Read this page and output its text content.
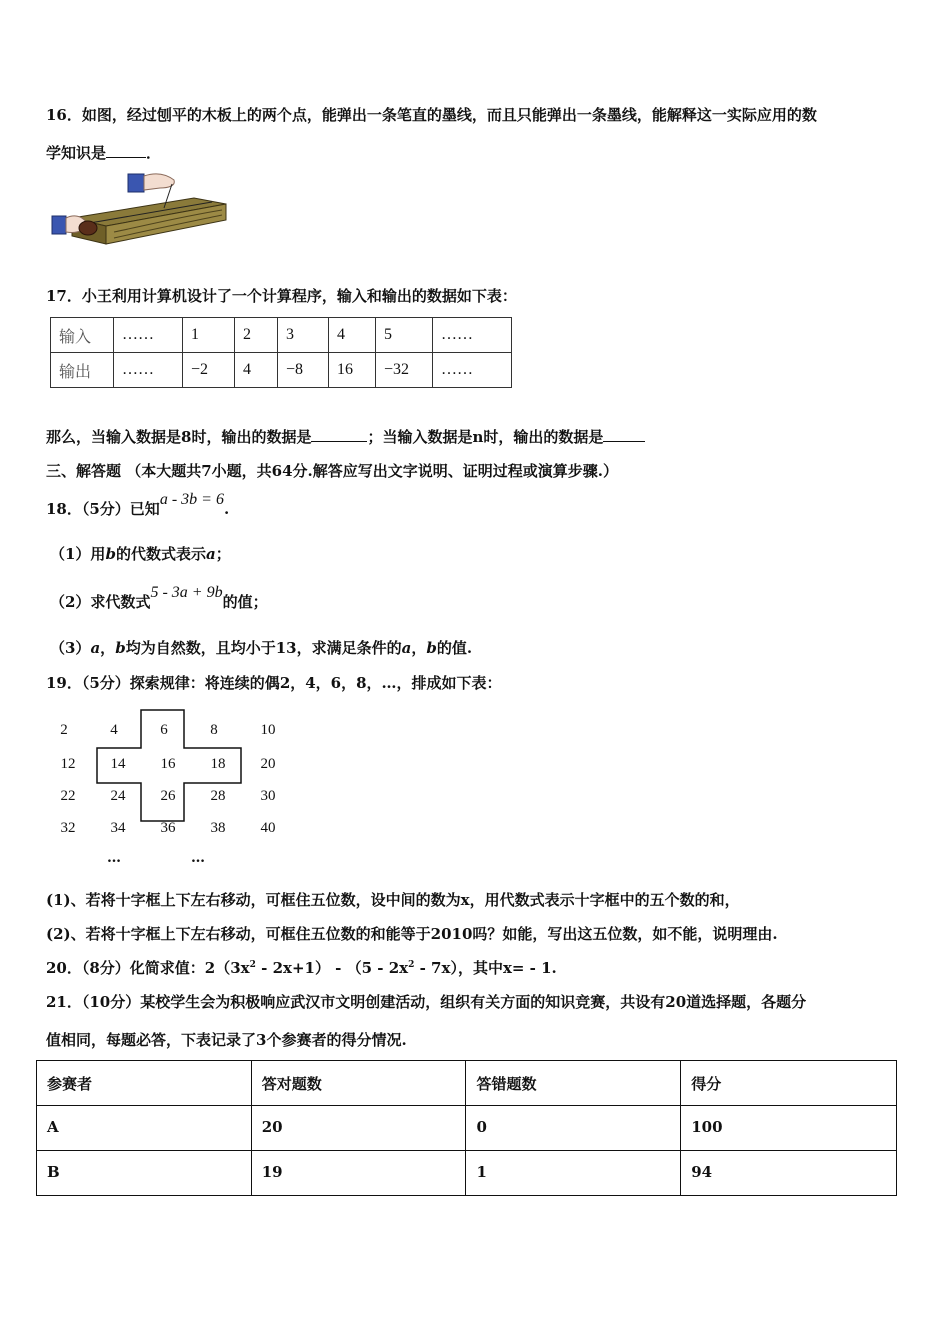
16．如图，经过刨平的木板上的两个点，能弹出一条笔直的墨线，而且只能弹出一条墨线，能解释这一实际应用的数
学知识是	．
17．小王利用计算机设计了一个计算程序，输入和输出的数据如下表：
输入	……	1	2	3	4	5	……
输出	……	−2	4	−8	16	−32	……
那么，当输入数据是8时，输出的数据是	；当输入数据是n时，输出的数据是
三、解答题 （本大题共7小题，共64分.解答应写出文字说明、证明过程或演算步骤.）
18．（5分）已知a - 3b = 6.
（1）用b的代数式表示a；
（2）求代数式5 - 3a + 9b的值；
（3）a，b均为自然数，且均小于13，求满足条件的a，b的值.
19．（5分）探索规律：将连续的偶2，4，6，8，…，排成如下表：
2	4	6	8	10
12	14	16	18	20
22	24	26	28	30
32	34	36	38	40
…	…
(1)、若将十字框上下左右移动，可框住五位数，设中间的数为x，用代数式表示十字框中的五个数的和，
(2)、若将十字框上下左右移动，可框住五位数的和能等于2010吗？如能，写出这五位数，如不能，说明理由.
20．（8分）化简求值：$2(3x^2 - 2x+1) - (5 - 2x^2 - 7x)$，其中x= - 1.
21．（10分）某校学生会为积极响应武汉市文明创建活动，组织有关方面的知识竞赛，共设有20道选择题，各题分
值相同，每题必答，下表记录了3个参赛者的得分情况.
参赛者	答对题数	答错题数	得分
A	20	0	100
B	19	1	94
